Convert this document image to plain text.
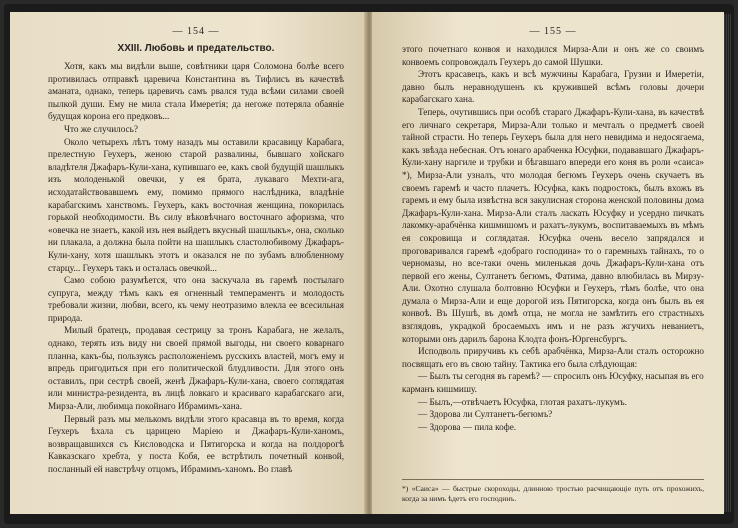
— 154 —
XXIII. Любовь и предательство.

Хотя, какъ мы видѣли выше, совѣтники царя Соломона болѣе всего противилась отправкѣ царевича Константина въ Тифлисъ въ качествѣ аманата, однако, теперь царевичъ самъ рвался туда всѣми силами своей пылкой души. Ему не мила стала Имеретія; да негоже потеряла обаяніе будущая корона его предковъ...

Что же случилось?

Около четырехъ лѣтъ тому назадъ мы оставили красавицу Карабага, прелестную Геухеръ, женою старой развалины, бывшаго хойскаго владѣтеля Джафаръ-Кули-хана, купившаго ее, какъ свой будущій шашлыкъ изъ молоденькой овечки, у ея брата, лукаваго Мехти-ага, исходатайствовавшемъ ему, помимо прямого наслѣдника, владѣніе карабагскимъ ханствомъ. Геухеръ, какъ восточная женщина, покорилась горькой необходимости. Въ силу вѣковѣчнаго восточнаго афоризма, что «овечка не знаетъ, какой изъ нея выйдетъ вкусный шашлыкъ», она, сколько ни плакала, а должна была пойти на шашлыкъ сластолюбивому Джафаръ-Кули-хану, хотя шашлыкъ этотъ и оказался не по зубамъ влюбленному старцу... Геухеръ такъ и осталась овечкой...

Само собою разумѣется, что она заскучала въ гаремѣ постылаго супруга, между тѣмъ какъ ея огненный темпераментъ и молодость требовали жизни, любви, всего, къ чему неотразимо влекла ее всесильная природа.

Милый братецъ, продавая сестрицу за тронъ Карабага, не желалъ, однако, терять изъ виду ни своей прямой выгоды, ни своего коварнаго планна, какъ-бы, пользуясь расположеніемъ русскихъ властей, могъ ему и впредь пригодиться при его политической блудливости. Для этого онъ оставилъ, при сестрѣ своей, женѣ Джафаръ-Кули-хана, своего соглядатая или министра-резидента, въ лицѣ ловкаго и красиваго карабагскаго аги, Мирза-Али, любимца покойнаго Ибрамимъ-хана.

Первый разъ мы мелькомъ видѣли этого красавца въ то время, когда Геухеръ ѣхала съ царицею Маріею и Джафаръ-Кули-ханомъ, возвращавшихся съ Кисловодска и Пятигорска и когда на полдорогѣ Кавказскаго хребта, у поста Кобя, ее встрѣтилъ почетный конвой, посланный ей навстрѣчу отцомъ, Ибрамимъ-ханомъ. Во главѣ

— 155 —

этого почетнаго конвоя и находился Мирза-Али и онъ же со своимъ конвоемъ сопровождалъ Геухеръ до самой Шушки.

Этотъ красавецъ, какъ и всѣ мужчины Карабага, Грузии и Имеретіи, давно былъ неравнодушенъ къ кружившей всѣмъ головы дочери карабагскаго хана.

Теперь, очутившись при особѣ стараго Джафаръ-Кули-хана, въ качествѣ его личнаго секретаря, Мирза-Али только и мечталъ о предметѣ своей тайной страсти. Но теперь Геухеръ была для него невидима и недосягаема, какъ звѣзда небесная. Отъ юнаго арабченка Юсуфки, подававшаго Джафаръ-Кули-хану наргиле и трубки и бѣгавшаго впереди его коня въ роли «саиса» *), Мирза-Али узналъ, что молодая бегюмъ Геухеръ очень скучаетъ въ своемъ гаремѣ и часто плачетъ. Юсуфка, какъ подростокъ, былъ вхожъ въ гаремъ и ему была извѣстна вся закулисная сторона женской половины дома Джафаръ-Кули-хана. Мирза-Али сталъ ласкать Юсуфку и усердно пичкать лакомку-арабчёнка кишмишомъ и рахатъ-лукумъ, воспитаваемыхъ въ мѣмъ ея сокровища и соглядатая. Юсуфка очень весело запрядался и проговаривался гаремѣ «добраго господина» то о гаремныхъ тайнахъ, то о черномазы, но все-таки очень миленькая дочь Джафаръ-Кули-хана отъ первой его жены, Султанетъ бегюмъ, Фатима, давно влюбилась въ Мирзу-Али. Охотно слушала болтовню Юсуфки и Геухеръ, тѣмъ болѣе, что она думала о Мирза-Али и еще дорогой изъ Пятигорска, когда онъ былъ въ ея конвоѣ. Въ Шушѣ, въ домѣ отца, не могла не замѣтить его страстныхъ взглядовъ, украдкой бросаемыхъ имъ и не разъ жгучихъ неваниетъ, которыми онъ дарилъ барона Клодта фонъ-Юргенсбургъ.

Исподволь приручивъ къ себѣ арабчёнка, Мирза-Али сталъ осторожно посвящать его въ свою тайну. Тактика его была слѣдующая:

— Былъ ты сегодня въ гаремѣ? — спросилъ онъ Юсуфку, насыпая въ его карманъ кишмишу.

— Былъ,—отвѣчаетъ Юсуфка, глотая рахатъ-лукумъ.

— Здорова ли Султанетъ-бегюмъ?

— Здорова — пила кофе.

*) «Саиса» — быстрые скороходы, длинною тростью расчищающіе путь отъ прохожихъ, когда за нимъ ѣдетъ его господинъ.
